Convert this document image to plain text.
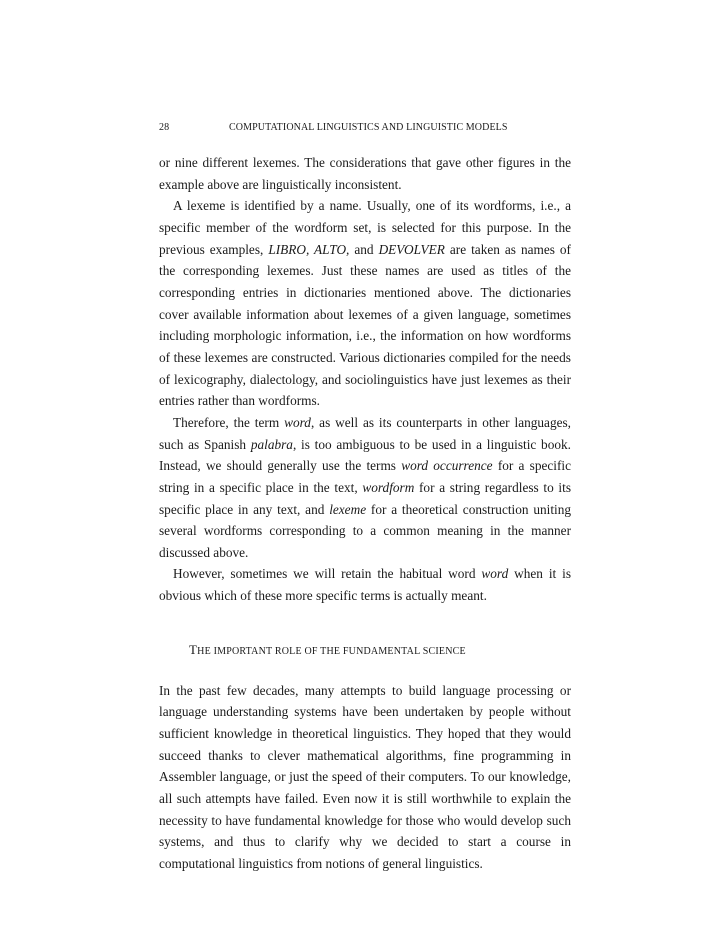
28	COMPUTATIONAL LINGUISTICS AND LINGUISTIC MODELS

or nine different lexemes. The considerations that gave other figures in the example above are linguistically inconsistent.

A lexeme is identified by a name. Usually, one of its wordforms, i.e., a specific member of the wordform set, is selected for this purpose. In the previous examples, LIBRO, ALTO, and DEVOLVER are taken as names of the corresponding lexemes. Just these names are used as titles of the corresponding entries in dictionaries mentioned above. The dictionaries cover available information about lexemes of a given language, sometimes including morphologic information, i.e., the information on how wordforms of these lexemes are constructed. Various dictionaries compiled for the needs of lexicography, dialectology, and sociolinguistics have just lexemes as their entries rather than wordforms.

Therefore, the term word, as well as its counterparts in other languages, such as Spanish palabra, is too ambiguous to be used in a linguistic book. Instead, we should generally use the terms word occurrence for a specific string in a specific place in the text, wordform for a string regardless to its specific place in any text, and lexeme for a theoretical construction uniting several wordforms corresponding to a common meaning in the manner discussed above.

However, sometimes we will retain the habitual word word when it is obvious which of these more specific terms is actually meant.

THE IMPORTANT ROLE OF THE FUNDAMENTAL SCIENCE

In the past few decades, many attempts to build language processing or language understanding systems have been undertaken by people without sufficient knowledge in theoretical linguistics. They hoped that they would succeed thanks to clever mathematical algorithms, fine programming in Assembler language, or just the speed of their computers. To our knowledge, all such attempts have failed. Even now it is still worthwhile to explain the necessity to have fundamental knowledge for those who would develop such systems, and thus to clarify why we decided to start a course in computational linguistics from notions of general linguistics.
